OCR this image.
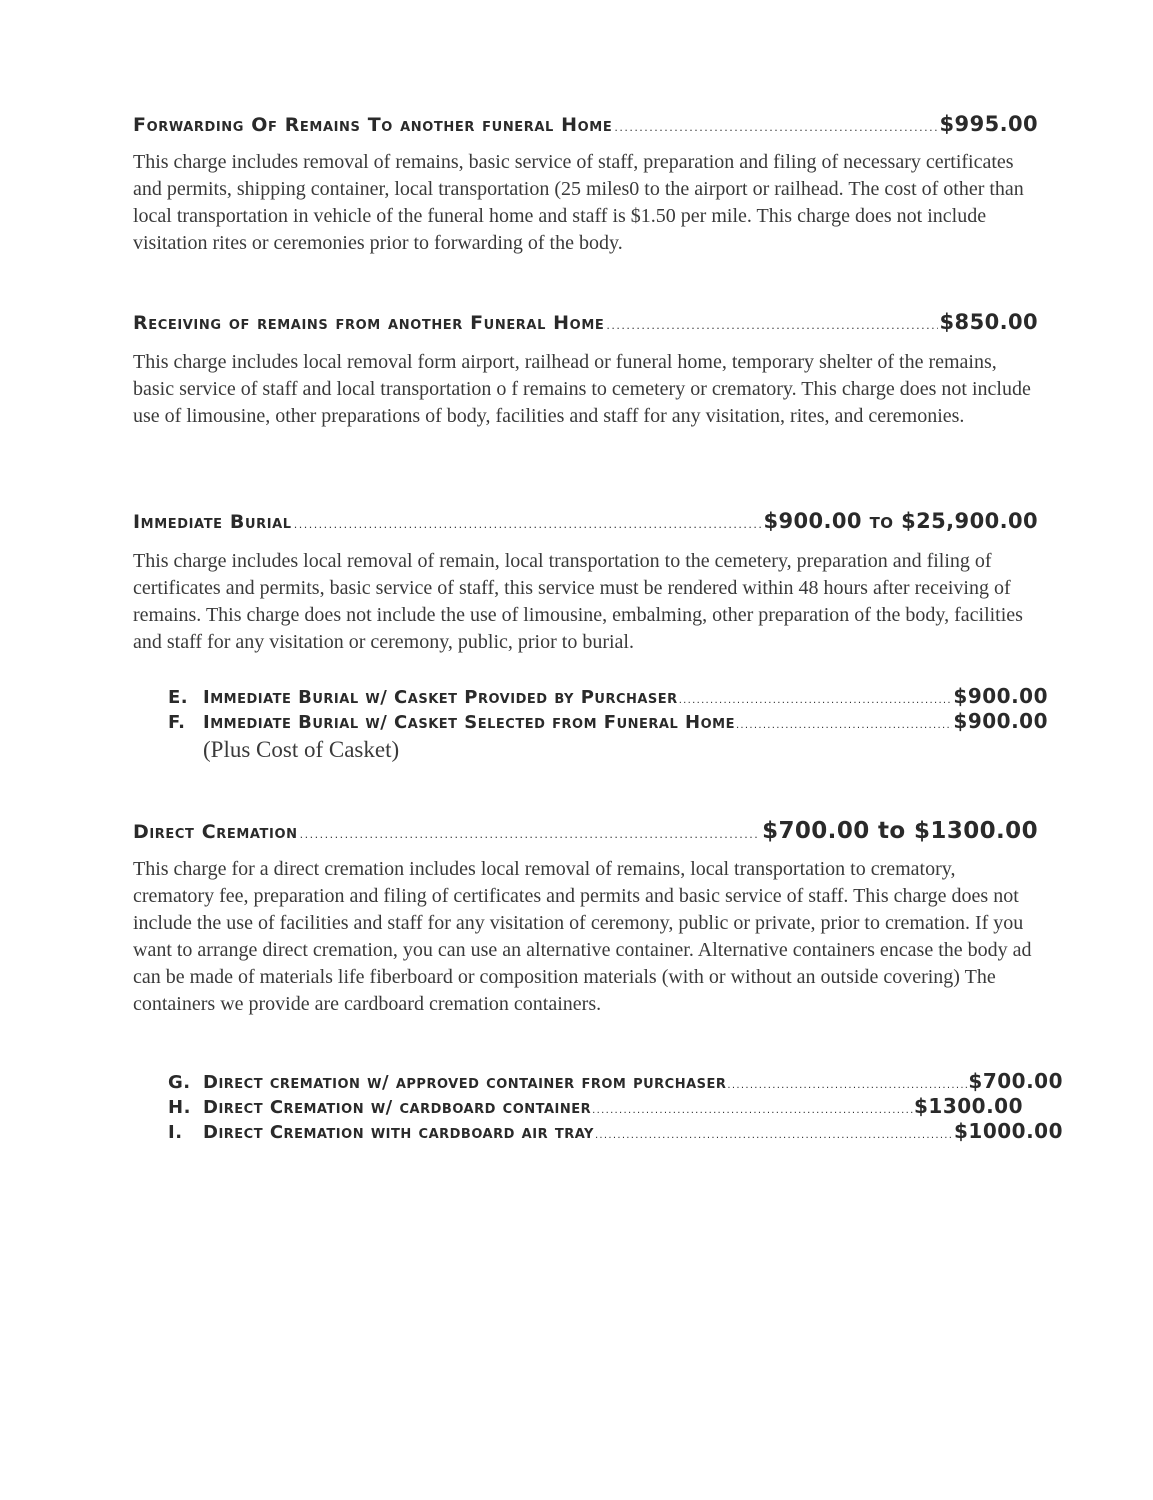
Forwarding Of Remains To another funeral Home .....	$995.00

This charge includes removal of remains, basic service of staff, preparation and filing of necessary certificates and permits, shipping container, local transportation (25 miles0 to the airport or railhead. The cost of other than local transportation in vehicle of the funeral home and staff is $1.50 per mile. This charge does not include visitation rites or ceremonies prior to forwarding of the body.

Receiving of remains from another Funeral Home .....	$850.00

This charge includes local removal form airport, railhead or funeral home, temporary shelter of the remains, basic service of staff and local transportation o f remains to cemetery or crematory. This charge does not include use of limousine, other preparations of body, facilities and staff for any visitation, rites, and ceremonies.

Immediate Burial .....	$900.00 to $25,900.00

This charge includes local removal of remain, local transportation to the cemetery, preparation and filing of certificates and permits, basic service of staff, this service must be rendered within 48 hours after receiving of remains. This charge does not include the use of limousine, embalming, other preparation of the body, facilities and staff for any visitation or ceremony, public, prior to burial.

E. Immediate Burial w/ Casket Provided by Purchaser .....	$900.00
F. Immediate Burial w/ Casket Selected from Funeral Home .....	$900.00
(Plus Cost of Casket)
Direct Cremation .....	$700.00 to $1300.00

This charge for a direct cremation includes local removal of remains, local transportation to crematory, crematory fee, preparation and filing of certificates and permits and basic service of staff. This charge does not include the use of facilities and staff for any visitation of ceremony, public or private, prior to cremation. If you want to arrange direct cremation, you can use an alternative container. Alternative containers encase the body ad can be made of materials life fiberboard or composition materials (with or without an outside covering) The containers we provide are cardboard cremation containers.

G. Direct cremation w/ approved container from purchaser .....	$700.00
H. Direct Cremation w/ cardboard container .....	$1300.00
I.	Direct Cremation with cardboard air tray .....	$1000.00
